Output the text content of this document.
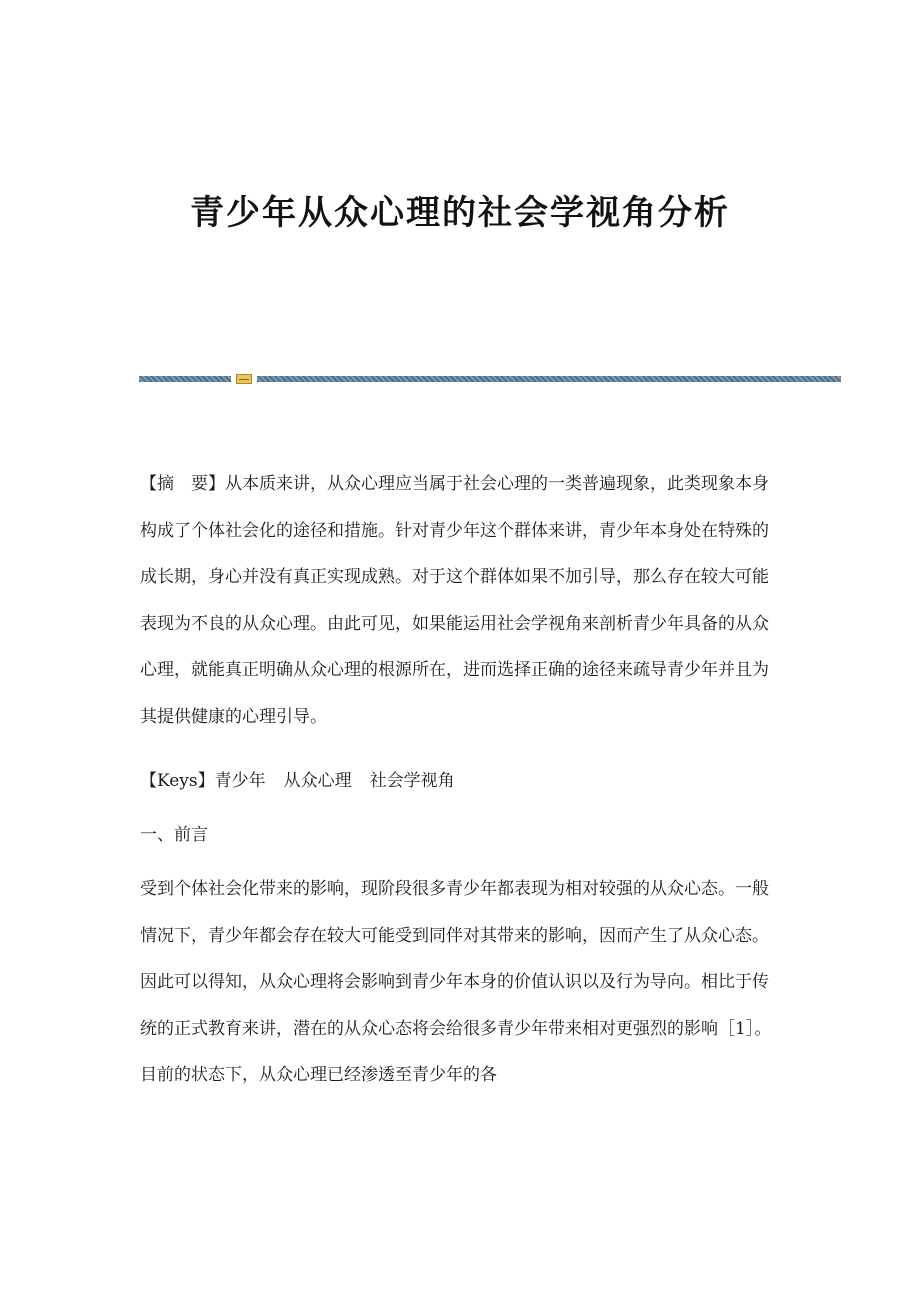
青少年从众心理的社会学视角分析
【摘　要】从本质来讲，从众心理应当属于社会心理的一类普遍现象，此类现象本身构成了个体社会化的途径和措施。针对青少年这个群体来讲，青少年本身处在特殊的成长期，身心并没有真正实现成熟。对于这个群体如果不加引导，那么存在较大可能表现为不良的从众心理。由此可见，如果能运用社会学视角来剖析青少年具备的从众心理，就能真正明确从众心理的根源所在，进而选择正确的途径来疏导青少年并且为其提供健康的心理引导。
【Keys】青少年 从众心理 社会学视角
一、前言
受到个体社会化带来的影响，现阶段很多青少年都表现为相对较强的从众心态。一般情况下，青少年都会存在较大可能受到同伴对其带来的影响，因而产生了从众心态。因此可以得知，从众心理将会影响到青少年本身的价值认识以及行为导向。相比于传统的正式教育来讲，潜在的从众心态将会给很多青少年带来相对更强烈的影响［1］。目前的状态下，从众心理已经渗透至青少年的各
